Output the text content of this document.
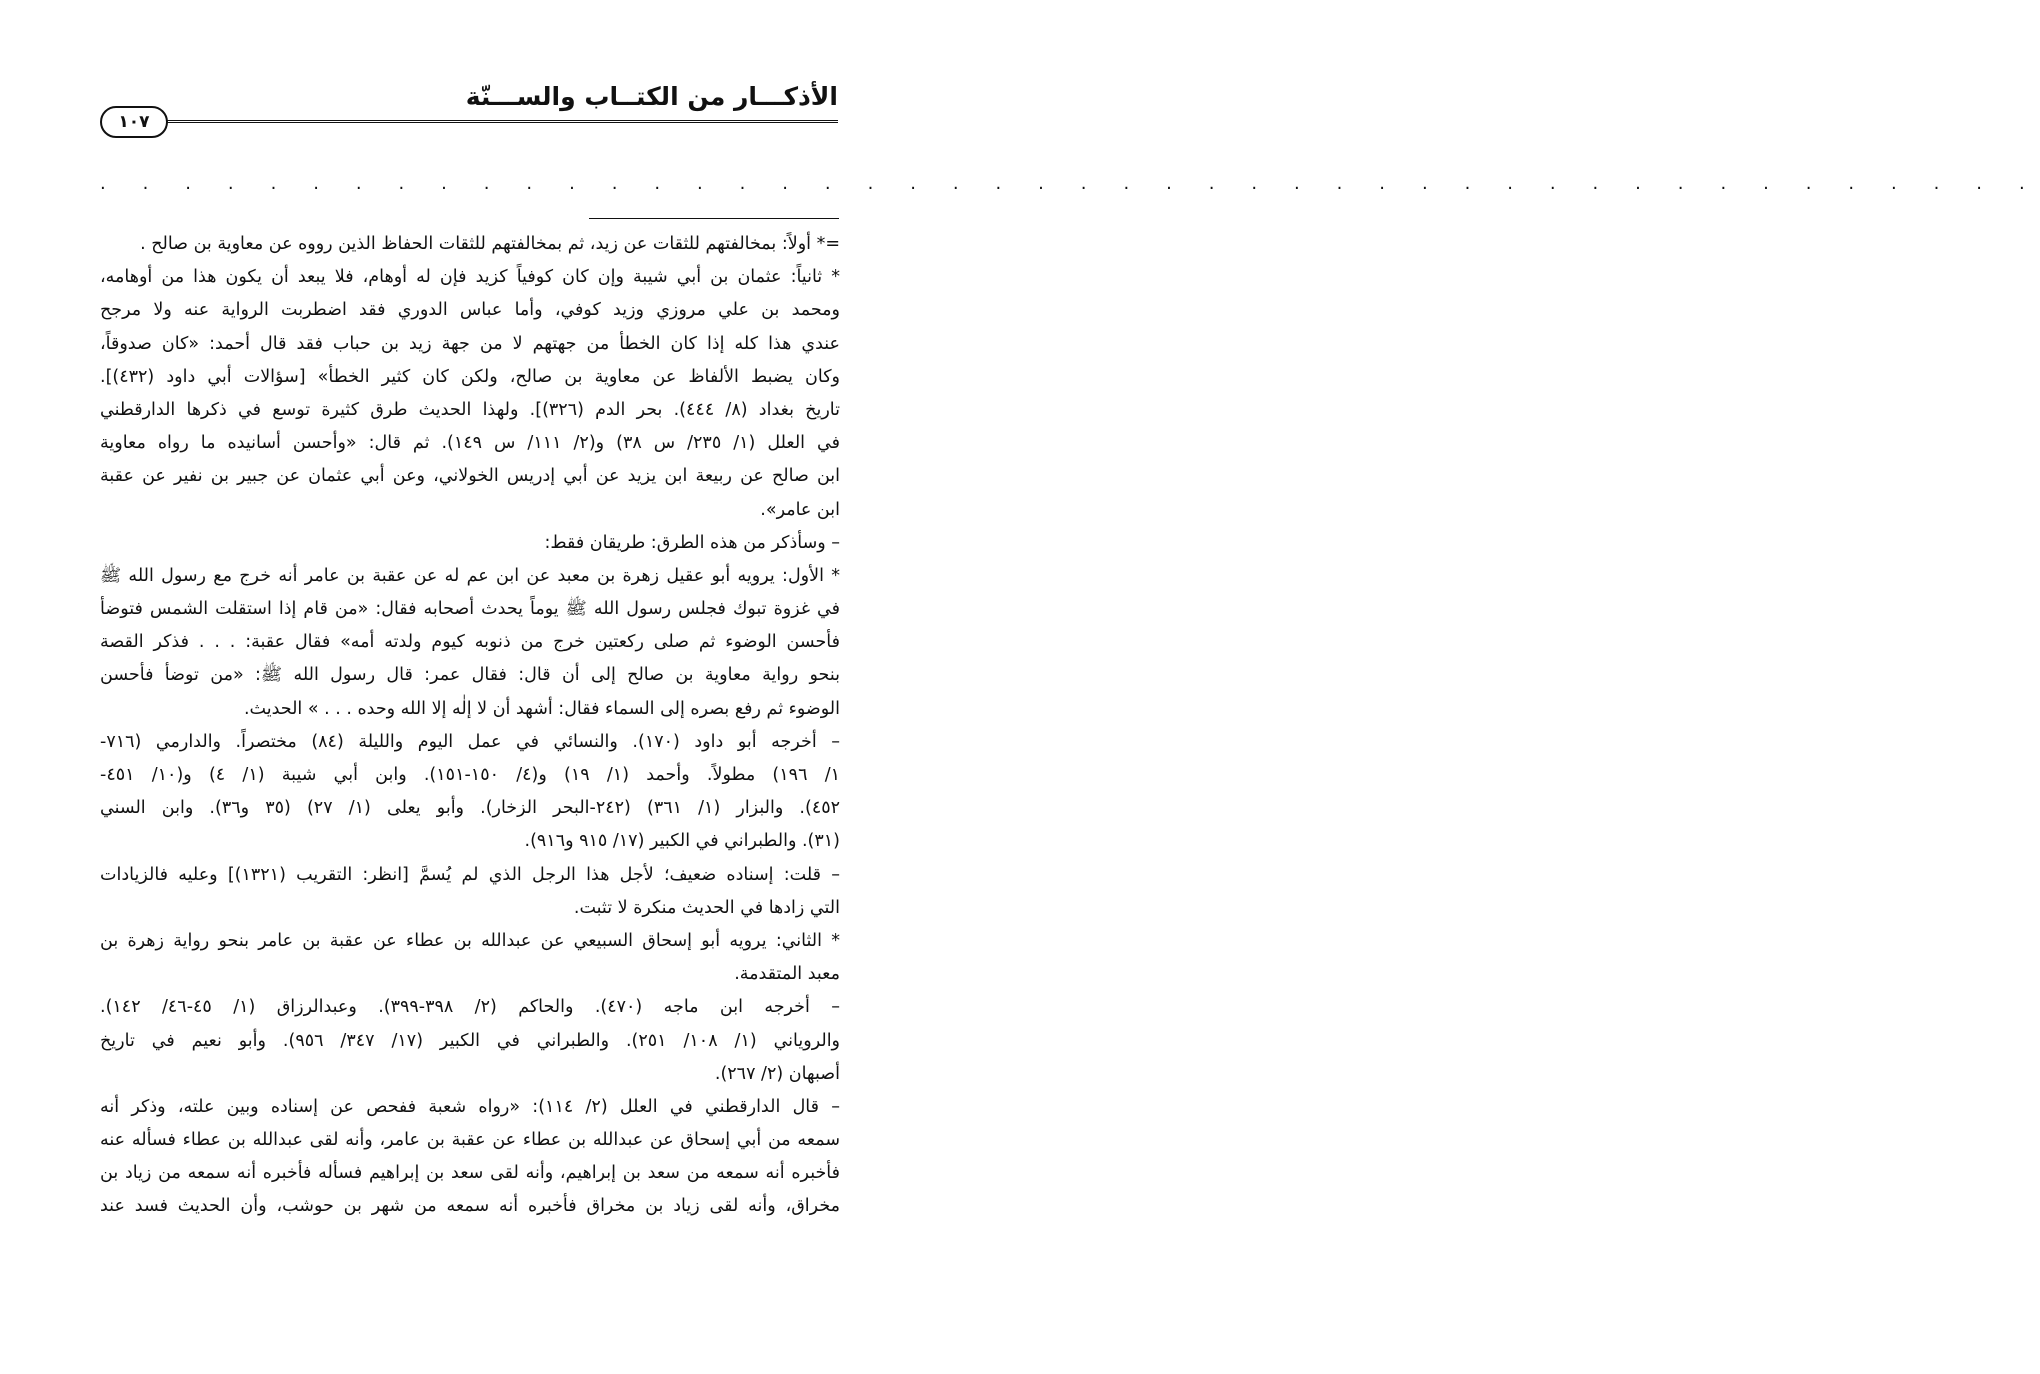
الأذكـــار من الكتــاب والســـنّة
١٠٧
. . . . . . . . . . . . . . . . . . . . . . . . . . . . . . . . . . . . . . . . . . . . . .
=* أولاً: بمخالفتهم للثقات عن زيد، ثم بمخالفتهم للثقات الحفاظ الذين رووه عن معاوية بن صالح .
* ثانياً: عثمان بن أبي شيبة وإن كان كوفياً كزيد فإن له أوهام، فلا يبعد أن يكون هذا من أوهامه،
ومحمد بن علي مروزي وزيد كوفي، وأما عباس الدوري فقد اضطربت الرواية عنه ولا مرجح
عندي هذا كله إذا كان الخطأ من جهتهم لا من جهة زيد بن حباب فقد قال أحمد: «كان صدوقاً،
وكان يضبط الألفاظ عن معاوية بن صالح، ولكن كان كثير الخطأ» [سؤالات أبي داود (٤٣٢)].
تاريخ بغداد (٨/ ٤٤٤). بحر الدم (٣٢٦)]. ولهذا الحديث طرق كثيرة توسع في ذكرها الدارقطني
في العلل (١/ ٢٣٥/ س ٣٨) و(٢/ ١١١/ س ١٤٩). ثم قال: «وأحسن أسانيده ما رواه معاوية
ابن صالح عن ربيعة ابن يزيد عن أبي إدريس الخولاني، وعن أبي عثمان عن جبير بن نفير عن عقبة
ابن عامر».
– وسأذكر من هذه الطرق: طريقان فقط:
* الأول: يرويه أبو عقيل زهرة بن معبد عن ابن عم له عن عقبة بن عامر أنه خرج مع رسول الله ﷺ
في غزوة تبوك فجلس رسول الله ﷺ يوماً يحدث أصحابه فقال: «من قام إذا استقلت الشمس فتوضأ
فأحسن الوضوء ثم صلى ركعتين خرج من ذنوبه كيوم ولدته أمه» فقال عقبة: . . . فذكر القصة
بنحو رواية معاوية بن صالح إلى أن قال: فقال عمر: قال رسول الله ﷺ: «من توضأ فأحسن
الوضوء ثم رفع بصره إلى السماء فقال: أشهد أن لا إلٰه إلا الله وحده . . . » الحديث.
– أخرجه أبو داود (١٧٠). والنسائي في عمل اليوم والليلة (٨٤) مختصراً. والدارمي (٧١٦-
١/ ١٩٦) مطولاً. وأحمد (١/ ١٩) و(٤/ ١٥٠-١٥١). وابن أبي شيبة (١/ ٤) و(١٠/ ٤٥١-
٤٥٢). والبزار (١/ ٣٦١) (٢٤٢-البحر الزخار). وأبو يعلى (١/ ٢٧) (٣٥ و٣٦). وابن السني
(٣١). والطبراني في الكبير (١٧/ ٩١٥ و٩١٦).
– قلت: إسناده ضعيف؛ لأجل هذا الرجل الذي لم يُسمَّ [انظر: التقريب (١٣٢١)] وعليه فالزيادات
التي زادها في الحديث منكرة لا تثبت.
* الثاني: يرويه أبو إسحاق السبيعي عن عبدالله بن عطاء عن عقبة بن عامر بنحو رواية زهرة بن
معبد المتقدمة.
– أخرجه ابن ماجه (٤٧٠). والحاكم (٢/ ٣٩٨-٣٩٩). وعبدالرزاق (١/ ٤٥-٤٦/ ١٤٢).
والروياني (١/ ١٠٨/ ٢٥١). والطبراني في الكبير (١٧/ ٣٤٧/ ٩٥٦). وأبو نعيم في تاريخ
أصبهان (٢/ ٢٦٧).
– قال الدارقطني في العلل (٢/ ١١٤): «رواه شعبة ففحص عن إسناده وبين علته، وذكر أنه
سمعه من أبي إسحاق عن عبدالله بن عطاء عن عقبة بن عامر، وأنه لقى عبدالله بن عطاء فسأله عنه
فأخبره أنه سمعه من سعد بن إبراهيم، وأنه لقى سعد بن إبراهيم فسأله فأخبره أنه سمعه من زياد بن
مخراق، وأنه لقى زياد بن مخراق فأخبره أنه سمعه من شهر بن حوشب، وأن الحديث فسد عند
